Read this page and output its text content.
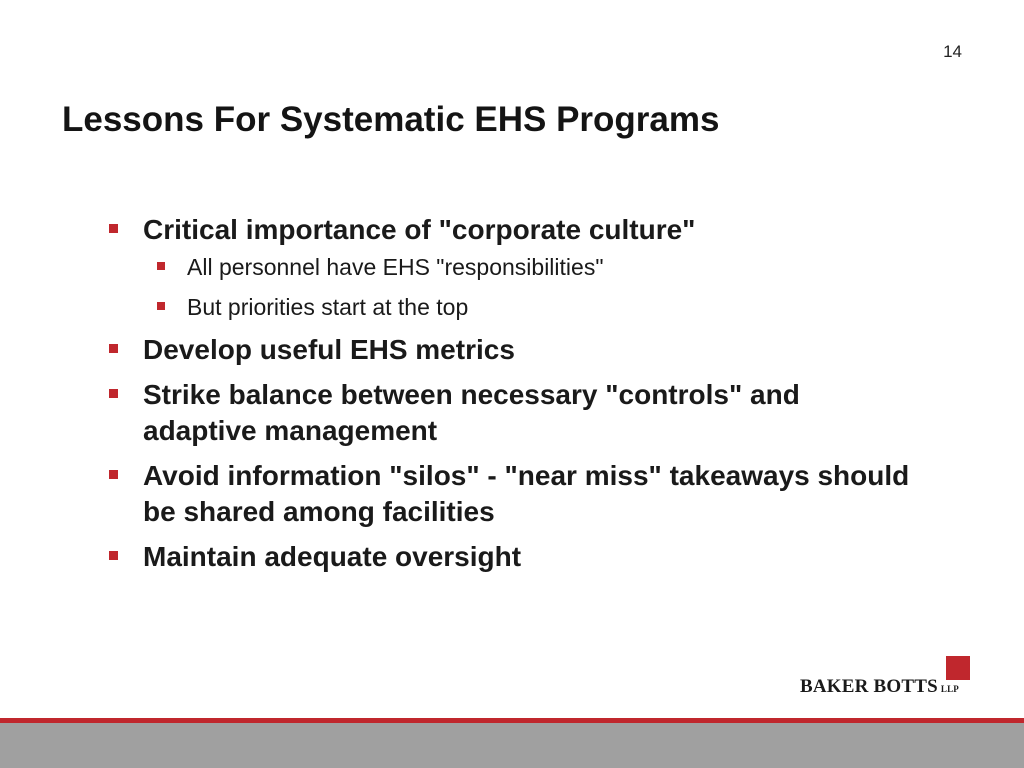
14
Lessons For Systematic EHS Programs
Critical importance of "corporate culture"
All personnel have EHS "responsibilities"
But priorities start at the top
Develop useful EHS metrics
Strike balance between necessary "controls" and adaptive management
Avoid information "silos" - "near miss" takeaways should be shared among facilities
Maintain adequate oversight
BAKER BOTTS LLP
